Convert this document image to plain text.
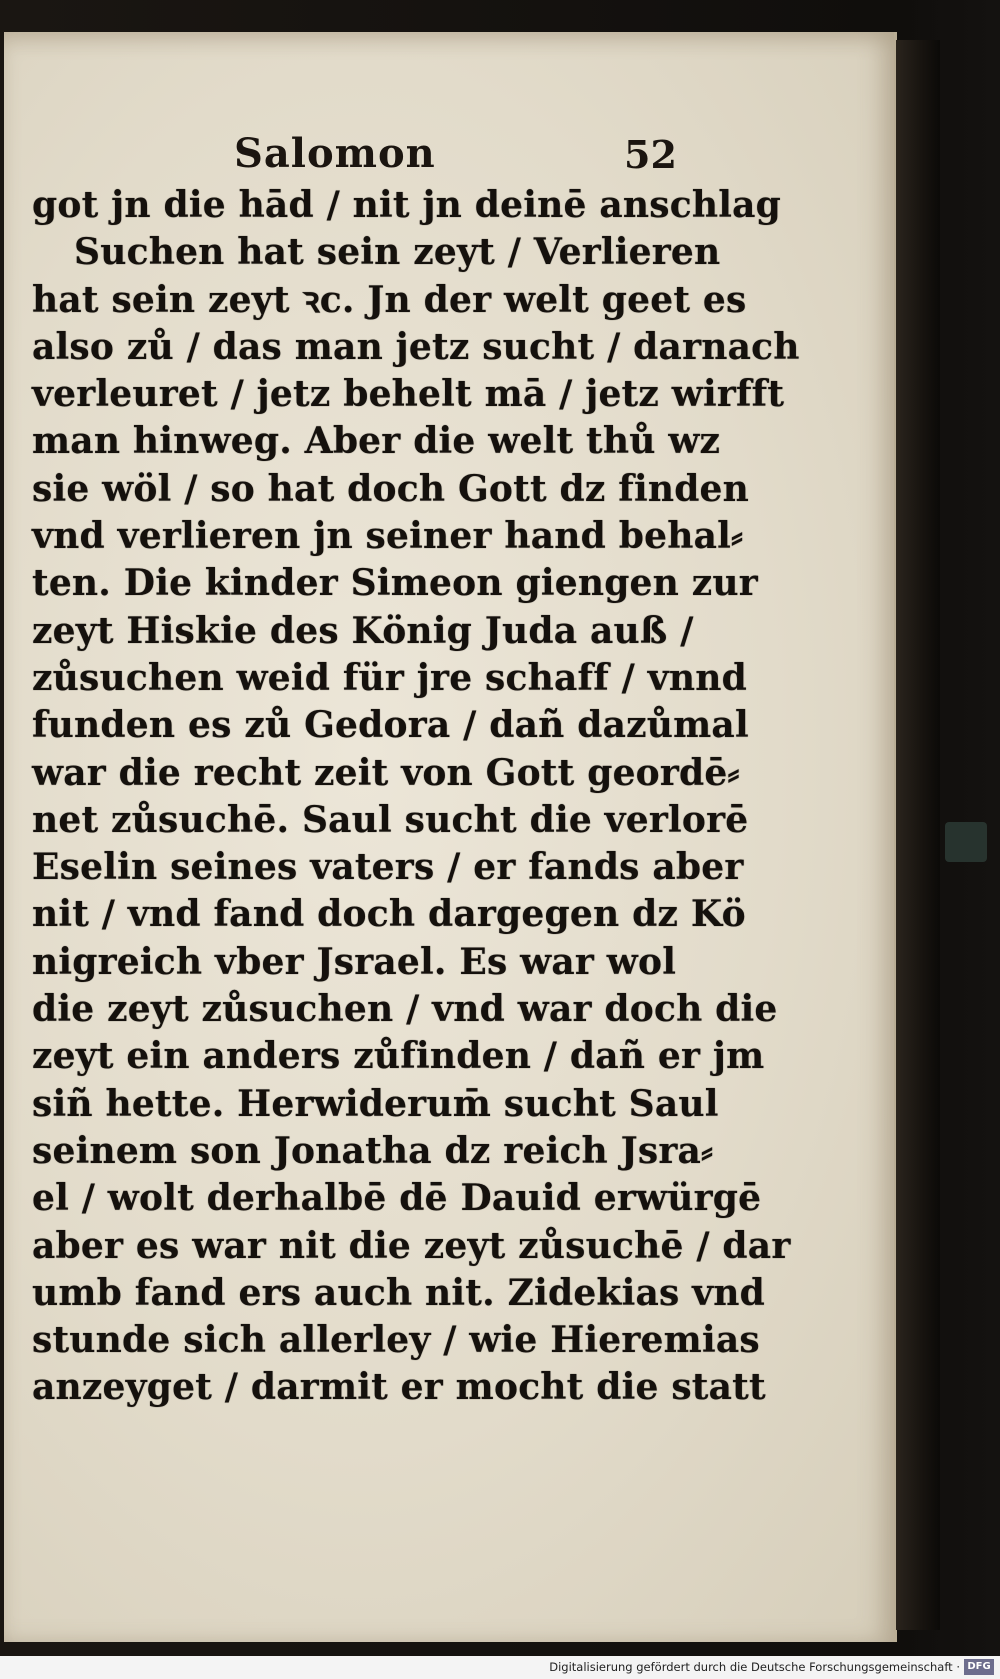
Salomon	52
got jn die hād / nit jn deinē anschlag
Suchen hat sein zeyt / Verlieren
hat sein zeyt ꝛc. Jn der welt geet es
also zů / das man jetz sucht / darnach
verleuret / jetz behelt mā / jetz wirfft
man hinweg. Aber die welt thů wz
sie wöl / so hat doch Gott dz finden
vnd verlieren jn seiner hand behal⸗
ten. Die kinder Simeon giengen zur
zeyt Hiskie des König Juda auß /
zůsuchen weid für jre schaff / vnnd
funden es zů Gedora / dañ dazůmal
war die recht zeit von Gott geordē⸗
net zůsuchē. Saul sucht die verlorē
Eselin seines vaters / er fands aber
nit / vnd fand doch dargegen dz Kö
nigreich vber Jsrael. Es war wol
die zeyt zůsuchen / vnd war doch die
zeyt ein anders zůfinden / dañ er jm
siñ hette. Herwiderum̄ sucht Saul
seinem son Jonatha dz reich Jsra⸗
el / wolt derhalbē dē Dauid erwürgē
aber es war nit die zeyt zůsuchē / dar
umb fand ers auch nit. Zidekias vnd
stunde sich allerley / wie Hieremias
anzeyget / darmit er mocht die statt
Digitalisierung gefördert durch die Deutsche Forschungsgemeinschaft · DFG
